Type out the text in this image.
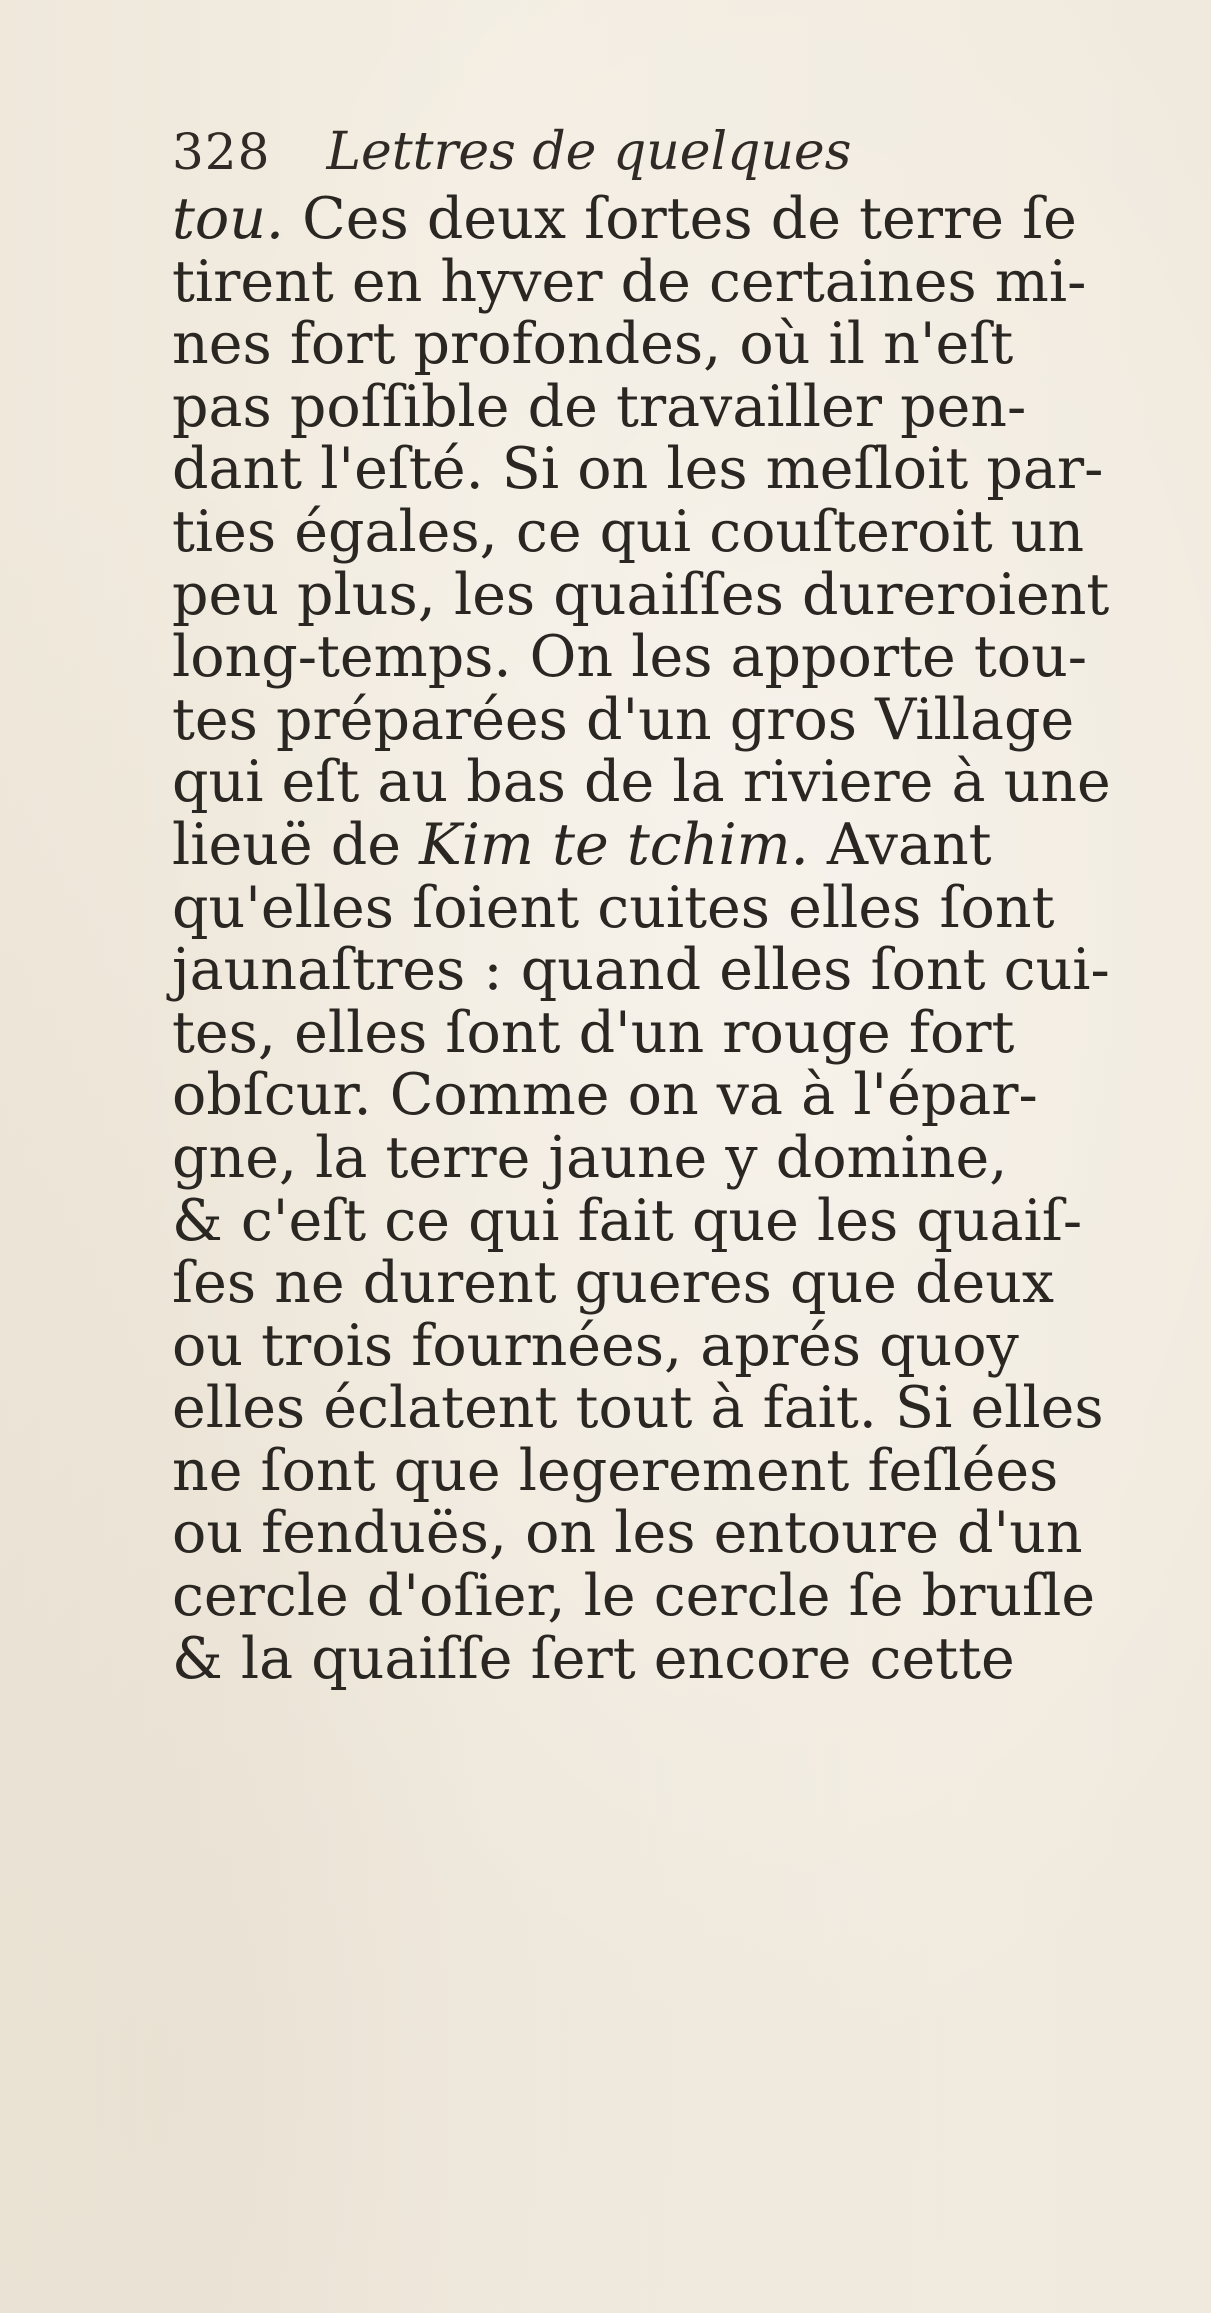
328 Lettres de quelques
tou. Ces deux ſortes de terre ſe
tirent en hyver de certaines mi-
nes fort profondes, où il n'eſt
pas poſſible de travailler pen-
dant l'eſté. Si on les meſloit par-
ties égales, ce qui couſteroit un
peu plus, les quaiſſes dureroient
long-temps. On les apporte tou-
tes préparées d'un gros Village
qui eſt au bas de la riviere à une
lieuë de Kim te tchim. Avant
qu'elles ſoient cuites elles ſont
jaunaſtres : quand elles ſont cui-
tes, elles ſont d'un rouge fort
obſcur. Comme on va à l'épar-
gne, la terre jaune y domine,
& c'eſt ce qui fait que les quaiſ-
ſes ne durent gueres que deux
ou trois fournées, aprés quoy
elles éclatent tout à fait. Si elles
ne ſont que legerement feſlées
ou fenduës, on les entoure d'un
cercle d'oſier, le cercle ſe bruſle
& la quaiſſe ſert encore cette
